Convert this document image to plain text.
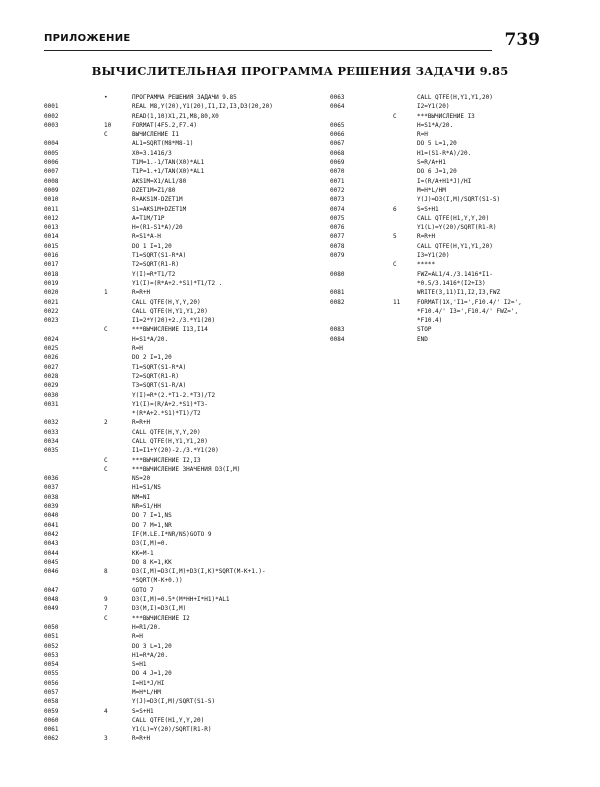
ПРИЛОЖЕНИЕ	739
ВЫЧИСЛИТЕЛЬНАЯ ПРОГРАММА РЕШЕНИЯ ЗАДАЧИ 9.85
•	ПРОГРАММА РЕШЕНИЯ ЗАДАЧИ 9.85
0001	REAL M8,Y(20),Y1(20),I1,I2,I3,D3(20,20)
0002	READ(1,10)X1,Z1,M8,80,X0
0003	10	FORMAT(4F5.2,F7.4)
C	ВЫЧИСЛЕНИЕ I1
0004	AL1=SQRT(M8*M8-1)
0005	X0=3.1416/3
0006	T1M=1.-1/TAN(X0)*AL1
0007	T1P=1.+1/TAN(X0)*AL1
0008	AKS1M=X1/AL1/80
0009	DZET1M=Z1/80
0010	R=AKS1M-DZET1M
0011	S1=AKS1M+DZET1M
0012	A=T1M/T1P
0013	H=(R1-S1*A)/20
0014	R=S1*A-H
0015	DO 1 I=1,20
0016	T1=SQRT(S1-R*A)
0017	T2=SQRT(R1-R)
0018	Y(I)=R*T1/T2
0019	Y1(I)=(R*A+2.*S1)*T1/T2 .
0020	1	R=R+H
0021	CALL QTFE(H,Y,Y,20)
0022	CALL QTFE(H,Y1,Y1,20)
0023	I1=2*Y(20)+2./3.*Y1(20)
C	***ВЫЧИСЛЕНИЕ I13,I14
0024	H=S1*A/20.
0025	R=H
0026	DO 2 I=1,20
0027	T1=SQRT(S1-R*A)
0028	T2=SQRT(R1-R)
0029	T3=SQRT(S1-R/A)
0030	Y(I)=R*(2.*T1-2.*T3)/T2
0031	Y1(I)=(R/A+2.*S1)*T3-
*(R*A+2.*S1)*T1)/T2
0032	2	R=R+H
0033	CALL QTFE(H,Y,Y,20)
0034	CALL QTFE(H,Y1,Y1,20)
0035	I1=I1+Y(20)-2./3.*Y1(20)
C	***ВЫЧИСЛЕНИЕ I2,I3
C	***ВЫЧИСЛЕНИЕ ЗНАЧЕНИЯ D3(I,M)
0036	NS=20
0037	H1=S1/NS
0038	NM=NI
0039	NR=S1/HH
0040	DO 7 I=1,NS
0041	DO 7 M=1,NR
0042	IF(M.LE.I*NR/NS)GOTO 9
0043	D3(I,M)=0.
0044	KK=M-1
0045	DO 8 K=1,KK
0046	8	D3(I,M)=D3(I,M)+D3(I,K)*SQRT(M-K+1.)-
*SQRT(M-K+0.))
0047	GOTO 7
0048	9	D3(I,M)=0.5*(M*HH+I*H1)*AL1
0049	7	D3(M,I)=D3(I,M)
C	***ВЫЧИСЛЕНИЕ I2
0050	H=R1/20.
0051	R=H
0052	DO 3 L=1,20
0053	H1=R*A/20.
0054	S=H1
0055	DO 4 J=1,20
0056	I=H1*J/HI
0057	M=H*L/HM
0058	Y(J)=D3(I,M)/SQRT(S1-S)
0059	4	S=S+H1
0060	CALL QTFE(H1,Y,Y,20)
0061	Y1(L)=Y(20)/SQRT(R1-R)
0062	3	R=R+H
0063	CALL QTFE(H,Y1,Y1,20)
0064	I2=Y1(20)
C	***ВЫЧИСЛЕНИЕ I3
0065	H=S1*A/20.
0066	R=H
0067	DO 5 L=1,20
0068	H1=(S1-R*A)/20.
0069	S=R/A+H1
0070	DO 6 J=1,20
0071	I=(R/A+H1*J)/HI
0072	M=H*L/HM
0073	Y(J)=D3(I,M)/SQRT(S1-S)
0074	6	S=S+H1
0075	CALL QTFE(H1,Y,Y,20)
0076	Y1(L)=Y(20)/SQRT(R1-R)
0077	5	R=R+H
0078	CALL QTFE(H,Y1,Y1,20)
0079	I3=Y1(20)
C	*****
0080	FWZ=AL1/4./3.1416*I1-
*0.5/3.1416*(I2+I3)
0081	WRITE(3,11)I1,I2,I3,FWZ
0082	11	FORMAT(1X,'I1=',F10.4/' I2=',
*F10.4/' I3=',F10.4/' FWZ=',
*F10.4)
0083	STOP
0084	END
